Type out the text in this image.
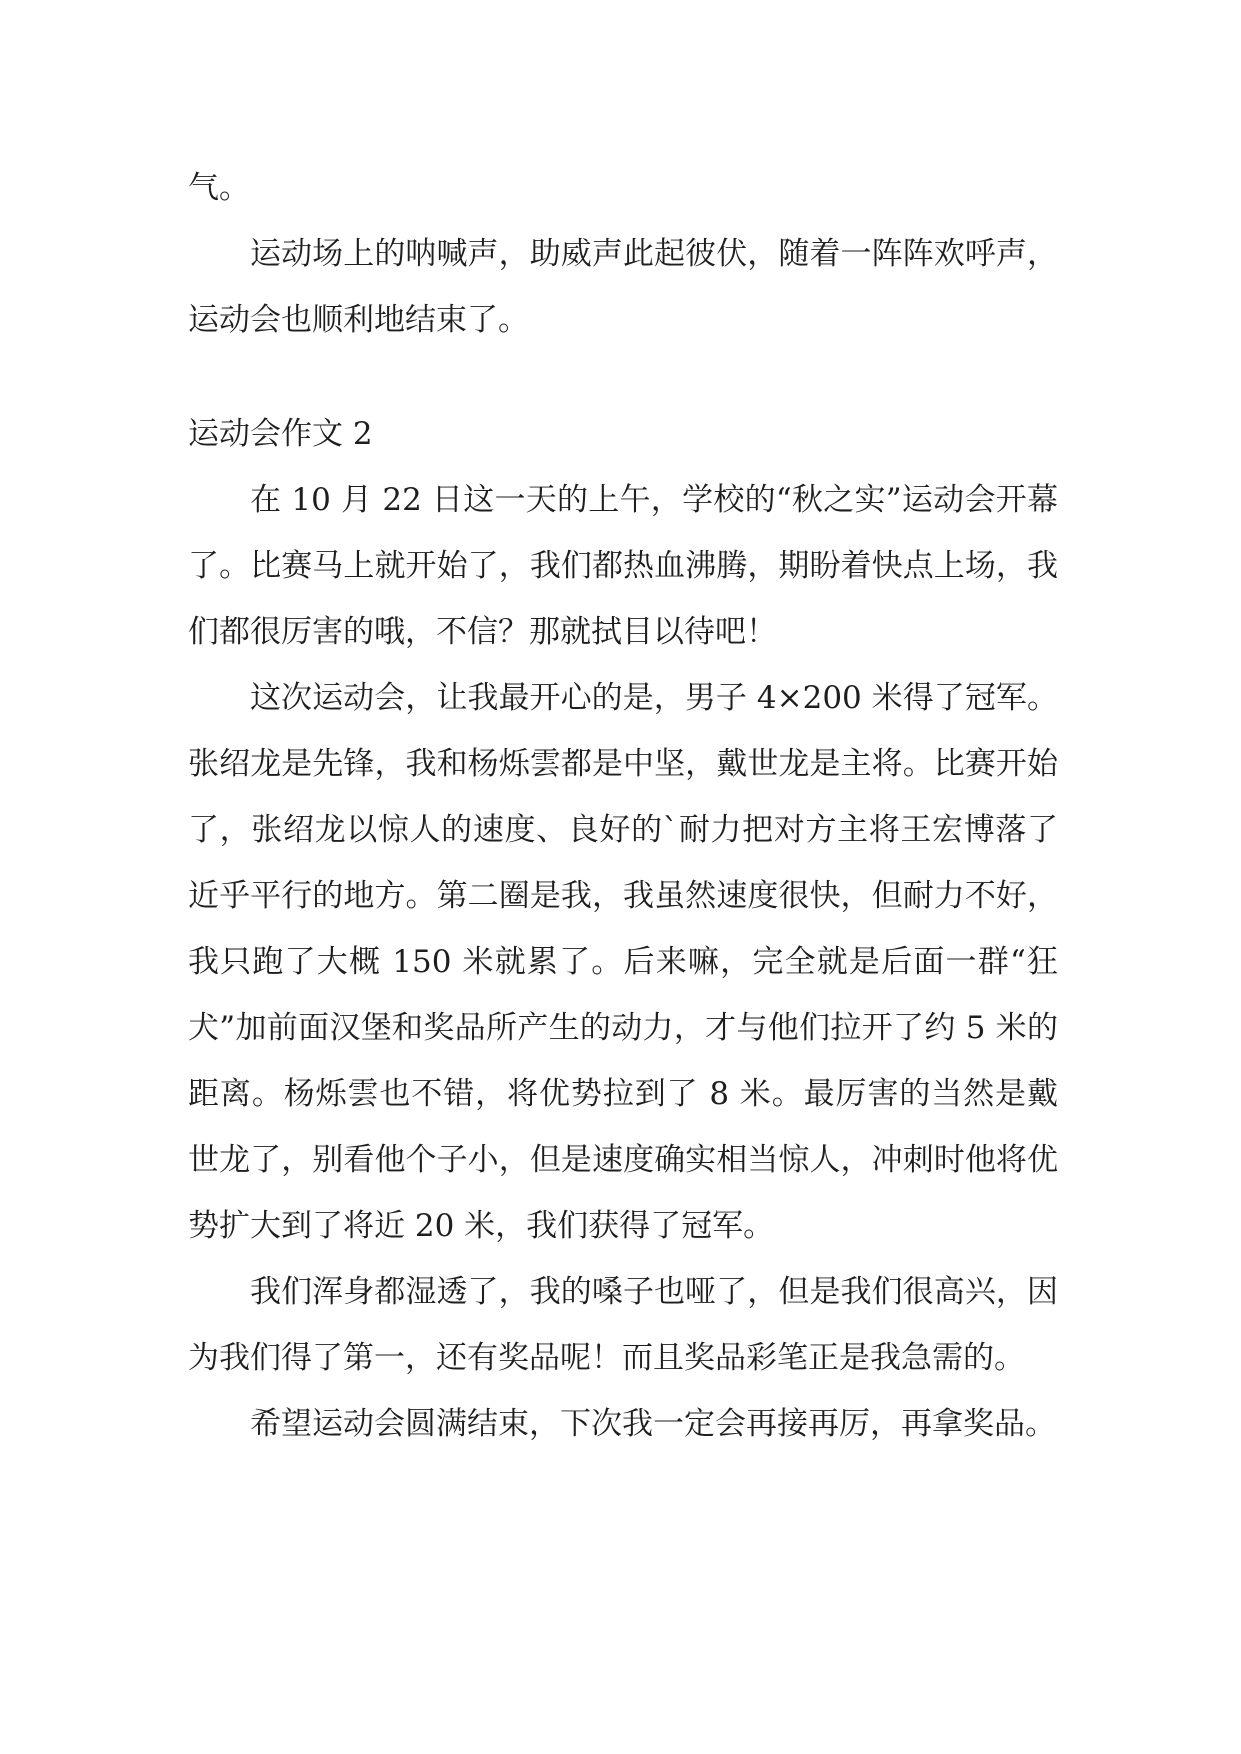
气。

运动场上的呐喊声，助威声此起彼伏，随着一阵阵欢呼声，运动会也顺利地结束了。

运动会作文 2

在 10 月 22 日这一天的上午，学校的“秋之实”运动会开幕了。比赛马上就开始了，我们都热血沸腾，期盼着快点上场，我们都很厉害的哦，不信？那就拭目以待吧！

这次运动会，让我最开心的是，男子 4×200 米得了冠军。张绍龙是先锋，我和杨烁雲都是中坚，戴世龙是主将。比赛开始了，张绍龙以惊人的速度、良好的`耐力把对方主将王宏博落了近乎平行的地方。第二圈是我，我虽然速度很快，但耐力不好，我只跑了大概 150 米就累了。后来嘛，完全就是后面一群“狂犬”加前面汉堡和奖品所产生的动力，才与他们拉开了约 5 米的距离。杨烁雲也不错，将优势拉到了 8 米。最厉害的当然是戴世龙了，别看他个子小，但是速度确实相当惊人，冲刺时他将优势扩大到了将近 20 米，我们获得了冠军。

我们浑身都湿透了，我的嗓子也哑了，但是我们很高兴，因为我们得了第一，还有奖品呢！而且奖品彩笔正是我急需的。

希望运动会圆满结束，下次我一定会再接再厉，再拿奖品。
